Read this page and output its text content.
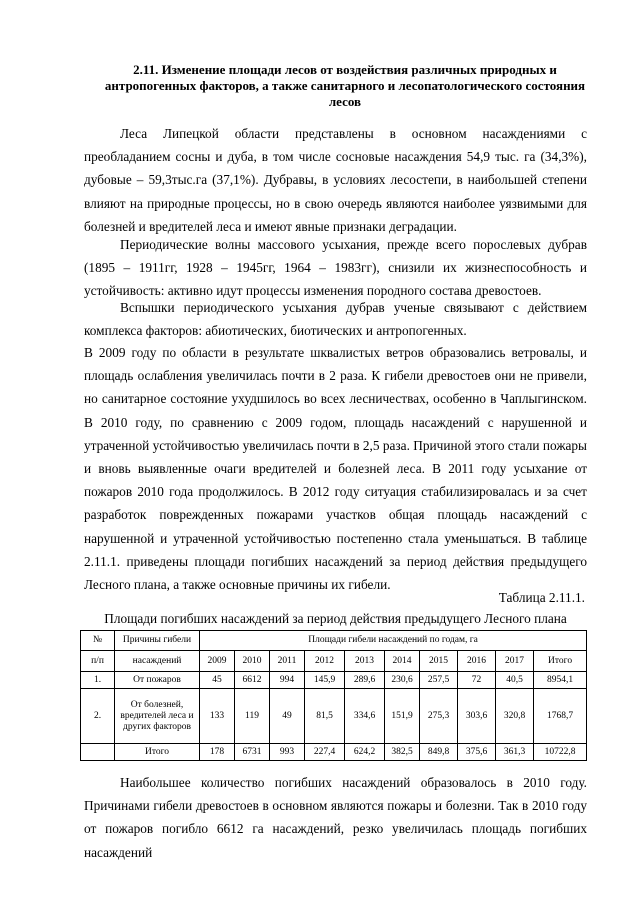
2.11. Изменение площади лесов от воздействия различных природных и
антропогенных факторов, а также санитарного и лесопатологического состояния
лесов
Леса Липецкой области представлены в основном насаждениями с преобладанием сосны и дуба, в том числе сосновые насаждения 54,9 тыс. га (34,3%), дубовые – 59,3тыс.га (37,1%). Дубравы, в условиях лесостепи, в наибольшей степени влияют на природные процессы, но в свою очередь являются наиболее уязвимыми для болезней и вредителей леса и имеют явные признаки деградации.
Периодические волны массового усыхания, прежде всего порослевых дубрав (1895 – 1911гг, 1928 – 1945гг, 1964 – 1983гг), снизили их жизнеспособность и устойчивость: активно идут процессы изменения породного состава древостоев.
Вспышки периодического усыхания дубрав ученые связывают с действием комплекса факторов: абиотических, биотических и антропогенных.
В 2009 году по области в результате шквалистых ветров образовались ветровалы, и площадь ослабления увеличилась почти в 2 раза. К гибели древостоев они не привели, но санитарное состояние ухудшилось во всех лесничествах, особенно в Чаплыгинском. В 2010 году, по сравнению с 2009 годом, площадь насаждений с нарушенной и утраченной устойчивостью увеличилась почти в 2,5 раза. Причиной этого стали пожары и вновь выявленные очаги вредителей и болезней леса. В 2011 году усыхание от пожаров 2010 года продолжилось. В 2012 году ситуация стабилизировалась и за счет разработок поврежденных пожарами участков общая площадь насаждений с нарушенной и утраченной устойчивостью постепенно стала уменьшаться. В таблице 2.11.1. приведены площади погибших насаждений за период действия предыдущего Лесного плана, а также основные причины их гибели.
Таблица 2.11.1.
Площади погибших насаждений за период действия предыдущего Лесного плана
№	Причины гибели	Площади гибели насаждений по годам, га									
п/п	насаждений	2009	2010	2011	2012	2013	2014	2015	2016	2017	Итого
1.	От пожаров	45	6612	994	145,9	289,6	230,6	257,5	72	40,5	8954,1
2.	От болезней, вредителей леса и других факторов	133	119	49	81,5	334,6	151,9	275,3	303,6	320,8	1768,7
	Итого	178	6731	993	227,4	624,2	382,5	849,8	375,6	361,3	10722,8
Наибольшее количество погибших насаждений образовалось в 2010 году. Причинами гибели древостоев в основном являются пожары и болезни. Так в 2010 году от пожаров погибло 6612 га насаждений, резко увеличилась площадь погибших насаждений
